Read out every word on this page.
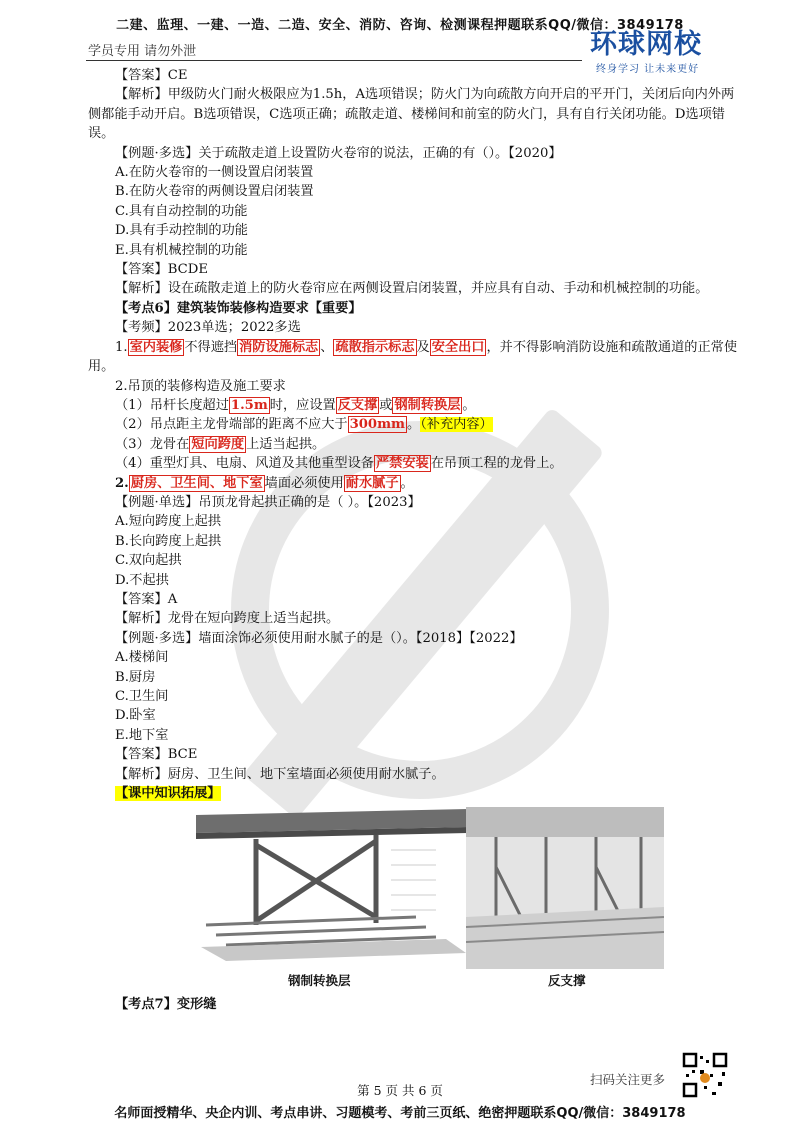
二建、监理、一建、一造、二造、安全、消防、咨询、检测课程押题联系QQ/微信：3849178
学员专用 请勿外泄	环球网校
终身学习 让未来更好

【答案】CE

【解析】甲级防火门耐火极限应为1.5h，A选项错误；防火门为向疏散方向开启的平开门，关闭后向内外两侧都能手动开启。B选项错误，C选项正确；疏散走道、楼梯间和前室的防火门，具有自行关闭功能。D选项错误。

【例题·多选】关于疏散走道上设置防火卷帘的说法，正确的有（）。【2020】

A.在防火卷帘的一侧设置启闭装置

B.在防火卷帘的两侧设置启闭装置

C.具有自动控制的功能

D.具有手动控制的功能

E.具有机械控制的功能

【答案】BCDE

【解析】设在疏散走道上的防火卷帘应在两侧设置启闭装置，并应具有自动、手动和机械控制的功能。

【考点6】建筑装饰装修构造要求【重要】

【考频】2023单选；2022多选

1. 室内装修 不得遮挡 消防设施标志 、 疏散指示标志 及 安全出口 ，并不得影响消防设施和疏散通道的正常使用。

2.吊顶的装修构造及施工要求

（1）吊杆长度超过 1.5m 时，应设置 反支撑 或 钢制转换层 。

（2）吊点距主龙骨端部的距离不应大于 300mm 。（补充内容）

（3）龙骨在 短向跨度 上适当起拱。

（4）重型灯具、电扇、风道及其他重型设备 严禁安装 在吊顶工程的龙骨上。

2. 厨房、卫生间、地下室 墙面必须使用 耐水腻子 。

【例题·单选】吊顶龙骨起拱正确的是（ ）。【2023】

A.短向跨度上起拱

B.长向跨度上起拱

C.双向起拱

D.不起拱

【答案】A

【解析】龙骨在短向跨度上适当起拱。

【例题·多选】墙面涂饰必须使用耐水腻子的是（）。【2018】【2022】

A.楼梯间

B.厨房

C.卫生间

D.卧室

E.地下室

【答案】BCE

【解析】厨房、卫生间、地下室墙面必须使用耐水腻子。

【课中知识拓展】

钢制转换层	反支撑

【考点7】变形缝

扫码关注更多
第 5 页 共 6 页
名师面授精华、央企内训、考点串讲、习题模考、考前三页纸、绝密押题联系QQ/微信：3849178
